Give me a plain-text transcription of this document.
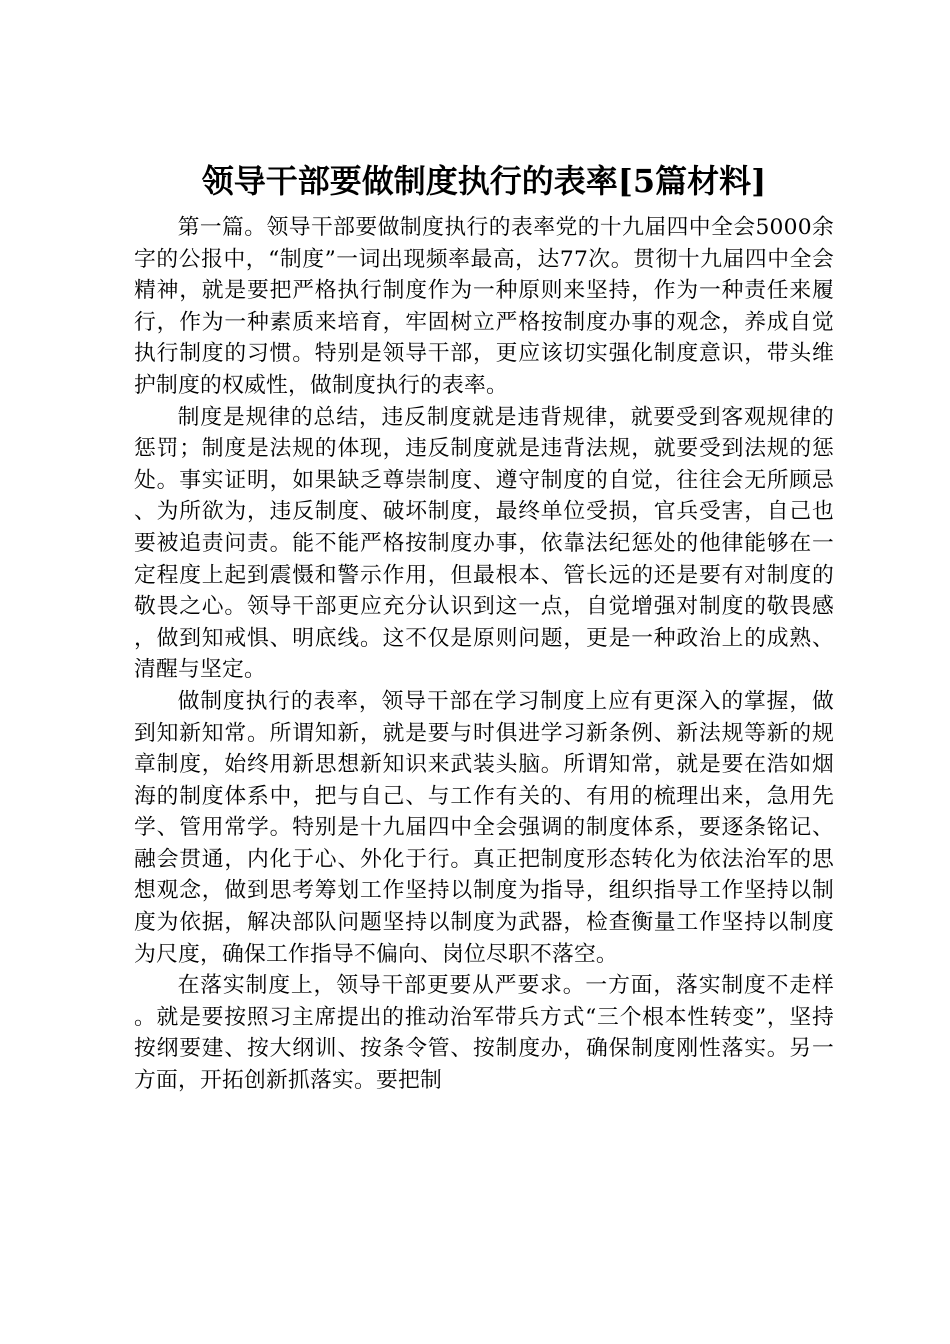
领导干部要做制度执行的表率[5篇材料]

第一篇。领导干部要做制度执行的表率党的十九届四中全会5000余字的公报中，“制度”一词出现频率最高，达77次。贯彻十九届四中全会精神，就是要把严格执行制度作为一种原则来坚持，作为一种责任来履行，作为一种素质来培育，牢固树立严格按制度办事的观念，养成自觉执行制度的习惯。特别是领导干部，更应该切实强化制度意识，带头维护制度的权威性，做制度执行的表率。

制度是规律的总结，违反制度就是违背规律，就要受到客观规律的惩罚；制度是法规的体现，违反制度就是违背法规，就要受到法规的惩处。事实证明，如果缺乏尊崇制度、遵守制度的自觉，往往会无所顾忌、为所欲为，违反制度、破坏制度，最终单位受损，官兵受害，自己也要被追责问责。能不能严格按制度办事，依靠法纪惩处的他律能够在一定程度上起到震慑和警示作用，但最根本、管长远的还是要有对制度的敬畏之心。领导干部更应充分认识到这一点，自觉增强对制度的敬畏感，做到知戒惧、明底线。这不仅是原则问题，更是一种政治上的成熟、清醒与坚定。

做制度执行的表率，领导干部在学习制度上应有更深入的掌握，做到知新知常。所谓知新，就是要与时俱进学习新条例、新法规等新的规章制度，始终用新思想新知识来武装头脑。所谓知常，就是要在浩如烟海的制度体系中，把与自己、与工作有关的、有用的梳理出来，急用先学、管用常学。特别是十九届四中全会强调的制度体系，要逐条铭记、融会贯通，内化于心、外化于行。真正把制度形态转化为依法治军的思想观念，做到思考筹划工作坚持以制度为指导，组织指导工作坚持以制度为依据，解决部队问题坚持以制度为武器，检查衡量工作坚持以制度为尺度，确保工作指导不偏向、岗位尽职不落空。

在落实制度上，领导干部更要从严要求。一方面，落实制度不走样。就是要按照习主席提出的推动治军带兵方式“三个根本性转变”，坚持按纲要建、按大纲训、按条令管、按制度办，确保制度刚性落实。另一方面，开拓创新抓落实。要把制
